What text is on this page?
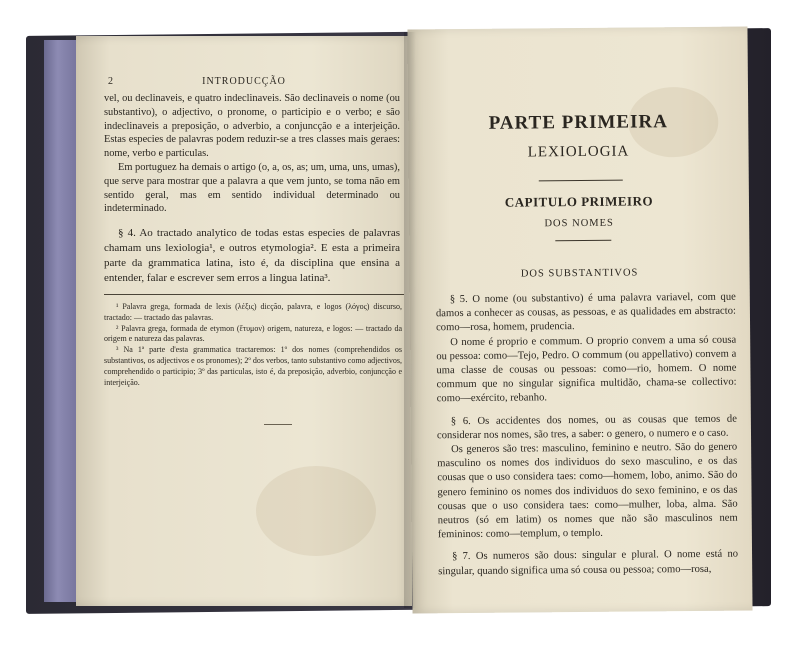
2	INTRODUCÇÃO

vel, ou declinaveis, e quatro indeclinaveis. São declinaveis o nome (ou substantivo), o adjectivo, o pronome, o participio e o verbo; e são indeclinaveis a preposição, o adverbio, a conjuncção e a interjeição. Estas especies de palavras podem reduzir-se a tres classes mais geraes: nome, verbo e particulas.

Em portuguez ha demais o artigo (o, a, os, as; um, uma, uns, umas), que serve para mostrar que a palavra a que vem junto, se toma não em sentido geral, mas em sentido individual determinado ou indeterminado.

§ 4. Ao tractado analytico de todas estas especies de palavras chamam uns lexiologia¹, e outros etymologia². E esta a primeira parte da grammatica latina, isto é, da disciplina que ensina a entender, falar e escrever sem erros a lingua latina³.

¹ Palavra grega, formada de lexis (λέξις) dicção, palavra, e logos (λόγος) discurso, tractado: — tractado das palavras.

² Palavra grega, formada de etymon (ἔτυμον) origem, natureza, e logos: — tractado da origem e natureza das palavras.

³ Na 1ª parte d'esta grammatica tractaremos: 1º dos nomes (comprehendidos os substantivos, os adjectivos e os pronomes); 2º dos verbos, tanto substantivo como adjectivos, comprehendido o participio; 3º das particulas, isto é, da preposição, adverbio, conjuncção e interjeição.

PARTE PRIMEIRA
LEXIOLOGIA
CAPITULO PRIMEIRO
DOS NOMES
DOS SUBSTANTIVOS

§ 5. O nome (ou substantivo) é uma palavra variavel, com que damos a conhecer as cousas, as pessoas, e as qualidades em abstracto: como—rosa, homem, prudencia.

O nome é proprio e commum. O proprio convem a uma só cousa ou pessoa: como—Tejo, Pedro. O commum (ou appellativo) convem a uma classe de cousas ou pessoas: como—rio, homem. O nome commum que no singular significa multidão, chama-se collectivo: como—exército, rebanho.

§ 6. Os accidentes dos nomes, ou as cousas que temos de considerar nos nomes, são tres, a saber: o genero, o numero e o caso.

Os generos são tres: masculino, feminino e neutro. São do genero masculino os nomes dos individuos do sexo masculino, e os das cousas que o uso considera taes: como—homem, lobo, animo. São do genero feminino os nomes dos individuos do sexo feminino, e os das cousas que o uso considera taes: como—mulher, loba, alma. São neutros (só em latim) os nomes que não são masculinos nem femininos: como—templum, o templo.

§ 7. Os numeros são dous: singular e plural. O nome está no singular, quando significa uma só cousa ou pessoa; como—rosa,
